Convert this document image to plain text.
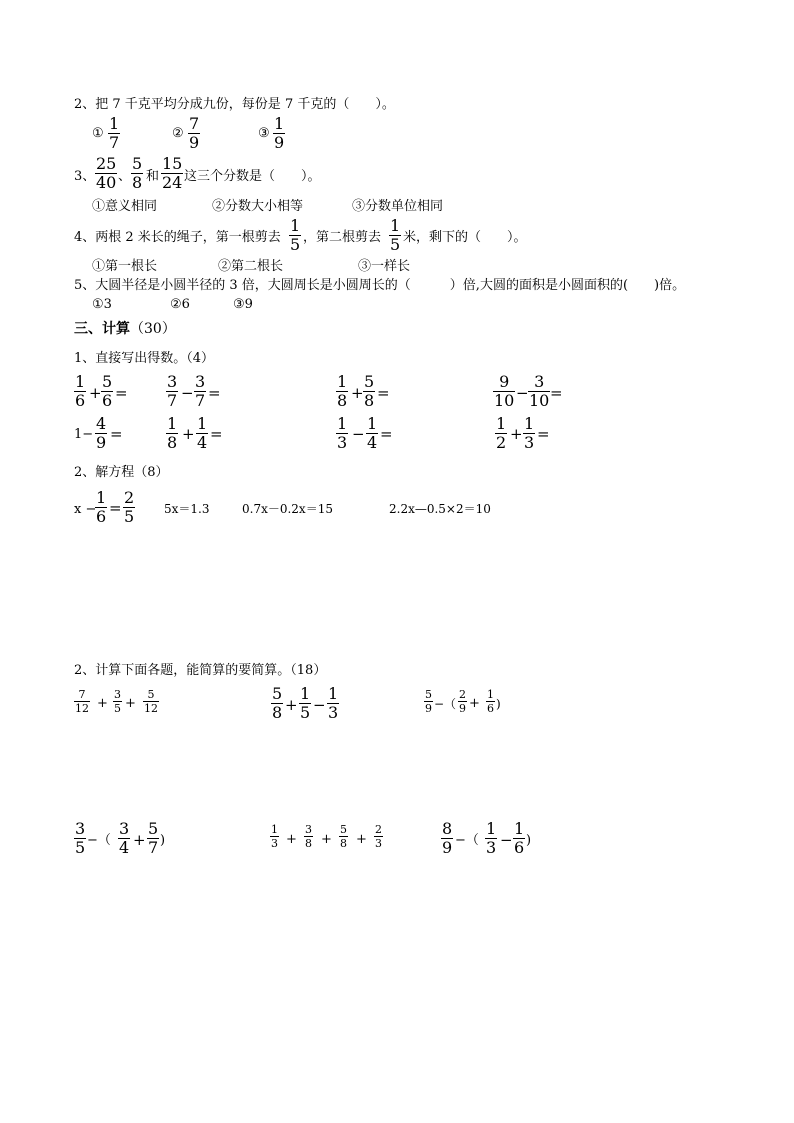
2、把 7 千克平均分成九份，每份是 7 千克的（　　）。
①
1
7	②
7
9	③
1
9
3、
25
40 、
5
8 和
15
24 这三个分数是（　　）。
①意义相同	②分数大小相等	③分数单位相同
4、两根 2 米长的绳子，第一根剪去
1
5 ，第二根剪去
1
5 米，剩下的（　　）。
①第一根长	②第二根长	③一样长
5、大圆半径是小圆半径的 3 倍，大圆周长是小圆周长的（　　　）倍,大圆的面积是小圆面积的(　　)倍。
①3	②6	③9
三、计算（30）
1、直接写出得数。（4）
1
6 +
5
6 =
3
7 −
3
7 =
1
8 +
5
8 =
9
10 −
3
10 =
1−
4
9 =
1
8 +
1
4 =
1
3 −
1
4 =
1
2 +
1
3 =
2、解方程（8）
x −
1
6 =
2
5 5x＝1.3	0.7x－0.2x＝15	2.2x—0.5×2＝10
2、计算下面各题，能简算的要简算。（18）
7
12 +
3
5 +
5
12
5
8 +
1
5 −
1
3
5
9 −（
2
9 +
1
6 )
3
5 −（
3
4 +
5
7 )
1
3 +
3
8 +
5
8 +
2
3
8
9 −（
1
3 −
1
6 )
